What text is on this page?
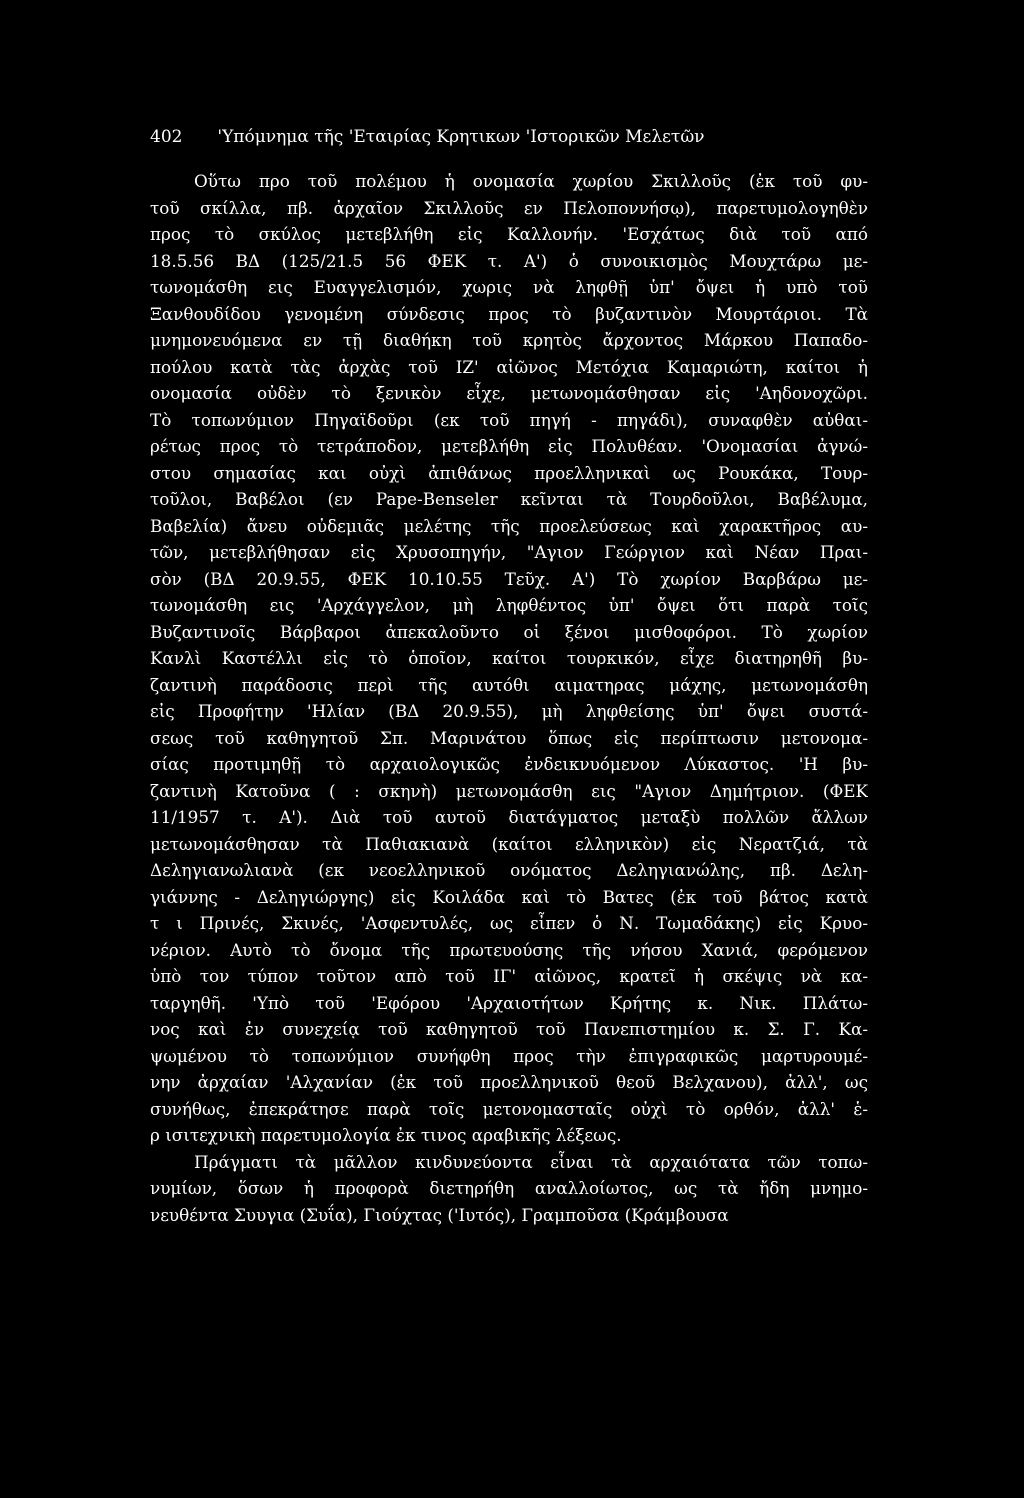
402 'Υπόμνημα τῆς 'Εταιρίας Κρητικων 'Ιστορικῶν Μελετῶν
Οὕτω προ τοῦ πολέμου ἡ ονομασία χωρίου Σκιλλοῦς (ἐκ τοῦ φυ-
τοῦ σκίλλα, πβ. ἀρχαῖον Σκιλλοῦς εν Πελοποννήσῳ), παρετυμολογηθὲν
προς τὸ σκύλος μετεβλήθη εἰς Καλλονήν. 'Εσχάτως διὰ τοῦ από
18.5.56 ΒΔ (125/21.5 56 ΦΕΚ τ. Α') ὁ συνοικισμὸς Μουχτάρω με-
τωνομάσθη εις Ευαγγελισμόν, χωρις νὰ ληφθῇ ὑπ' ὄψει ἡ υπὸ τοῦ
Ξανθουδίδου γενομένη σύνδεσις προς τὸ βυζαντινὸν Μουρτάριοι. Τὰ
μνημονευόμενα εν τῇ διαθήκη τοῦ κρητὸς ἄρχοντος Μάρκου Παπαδο-
πούλου κατὰ τὰς ἀρχὰς τοῦ ΙΖ' αἰῶνος Μετόχια Καμαριώτη, καίτοι ἡ
ονομασία οὐδὲν τὸ ξενικὸν εἶχε, μετωνομάσθησαν εἰς 'Αηδονοχῶρι.
Τὸ τοπωνύμιον Πηγαϊδοῦρι (εκ τοῦ πηγή - πηγάδι), συναφθὲν αὐθαι-
ρέτως προς τὸ τετράποδον, μετεβλήθη εἰς Πολυθέαν. 'Ονομασίαι ἀγνώ-
στου σημασίας και οὐχὶ ἀπιθάνως προελληνικαὶ ως Ρουκάκα, Τουρ-
τοῦλοι, Βαβέλοι (εν Pape-Benseler κεῖνται τὰ Τουρδοῦλοι, Βαβέλυμα,
Βαβελία) ἄνευ οὐδεμιᾶς μελέτης τῆς προελεύσεως καὶ χαρακτῆρος αυ-
τῶν, μετεβλήθησαν εἰς Χρυσοπηγήν, "Αγιον Γεώργιον καὶ Νέαν Πραι-
σὸν (ΒΔ 20.9.55, ΦΕΚ 10.10.55 Τεῦχ. Α') Τὸ χωρίον Βαρβάρω με-
τωνομάσθη εις 'Αρχάγγελον, μὴ ληφθέντος ὑπ' ὄψει ὅτι παρὰ τοῖς
Βυζαντινοῖς Βάρβαροι ἀπεκαλοῦντο οἱ ξένοι μισθοφόροι. Τὸ χωρίον
Κανλὶ Καστέλλι εἰς τὸ ὁποῖον, καίτοι τουρκικόν, εἶχε διατηρηθῆ βυ-
ζαντινὴ παράδοσις περὶ τῆς αυτόθι αιματηρας μάχης, μετωνομάσθη
εἰς Προφήτην 'Ηλίαν (ΒΔ 20.9.55), μὴ ληφθείσης ὑπ' ὄψει συστά-
σεως τοῦ καθηγητοῦ Σπ. Μαρινάτου ὅπως εἰς περίπτωσιν μετονομα-
σίας προτιμηθῇ τὸ αρχαιολογικῶς ἐνδεικνυόμενον Λύκαστος. 'Η βυ-
ζαντινὴ Κατοῦνα ( : σκηνὴ) μετωνομάσθη εις "Αγιον Δημήτριον. (ΦΕΚ
11/1957 τ. Α'). Διὰ τοῦ αυτοῦ διατάγματος μεταξὺ πολλῶν ἄλλων
μετωνομάσθησαν τὰ Παθιακιανὰ (καίτοι ελληνικὸν) εἰς Νερατζιά, τὰ
Δεληγιανωλιανὰ (εκ νεοελληνικοῦ ονόματος Δεληγιανώλης, πβ. Δελη-
γιάννης - Δεληγιώργης) εἰς Κοιλάδα καὶ τὸ Βατες (ἐκ τοῦ βάτος κατὰ
τ ι Πρινές, Σκινές, 'Ασφεντυλές, ως εἶπεν ὁ Ν. Τωμαδάκης) εἰς Κρυο-
νέριον. Αυτὸ τὸ ὄνομα τῆς πρωτευούσης τῆς νήσου Χανιά, φερόμενον
ὑπὸ τον τύπον τοῦτον απὸ τοῦ ΙΓ' αἰῶνος, κρατεῖ ἡ σκέψις νὰ κα-
ταργηθῆ. 'Υπὸ τοῦ 'Εφόρου 'Αρχαιοτήτων Κρήτης κ. Νικ. Πλάτω-
νος καὶ ἐν συνεχείᾳ τοῦ καθηγητοῦ τοῦ Πανεπιστημίου κ. Σ. Γ. Κα-
ψωμένου τὸ τοπωνύμιον συνήφθη προς τὴν ἐπιγραφικῶς μαρτυρουμέ-
νην ἀρχαίαν 'Αλχανίαν (ἐκ τοῦ προελληνικοῦ θεοῦ Βελχανου), ἀλλ', ως
συνήθως, ἐπεκράτησε παρὰ τοῖς μετονομασταῖς οὐχὶ τὸ ορθόν, ἀλλ' ἑ-
ρ ισιτεχνικὴ παρετυμολογία ἐκ τινος αραβικῆς λέξεως.
Πράγματι τὰ μᾶλλον κινδυνεύοντα εἶναι τὰ αρχαιότατα τῶν τοπω-
νυμίων, ὅσων ἡ προφορὰ διετηρήθη αναλλοίωτος, ως τὰ ἤδη μνημο-
νευθέντα Συυγια (Συΐα), Γιούχτας ('Ιυτός), Γραμποῦσα (Κράμβουσα
